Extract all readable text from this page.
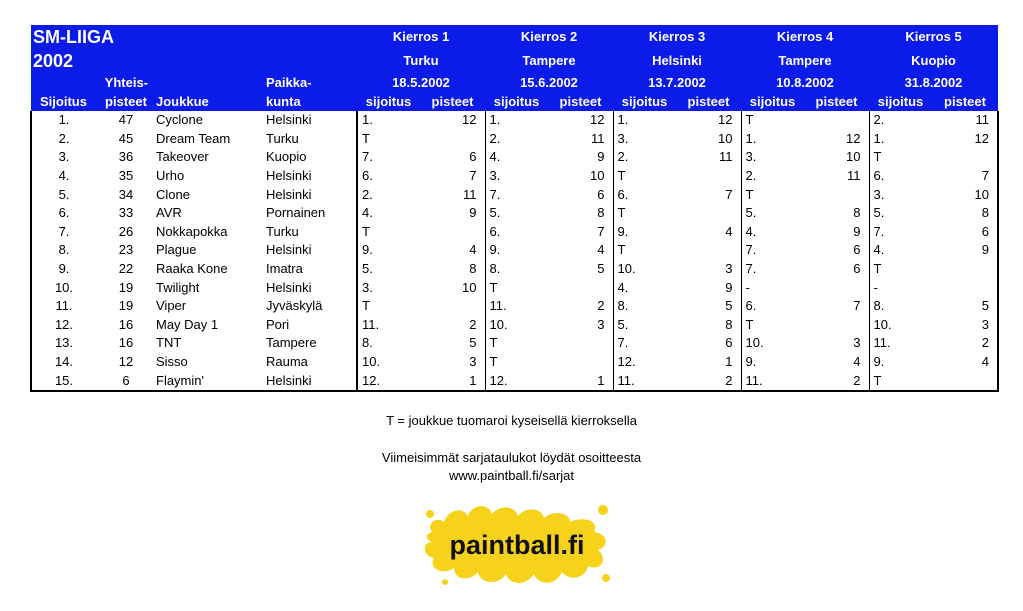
SM-LIIGA				Kierros 1		Kierros 2		Kierros 3		Kierros 4		Kierros 5	
2002				Turku		Tampere		Helsinki		Tampere		Kuopio	
	Yhteis-		Paikka-	18.5.2002		15.6.2002		13.7.2002		10.8.2002		31.8.2002	
Sijoitus	pisteet	Joukkue	kunta	sijoitus	pisteet	sijoitus	pisteet	sijoitus	pisteet	sijoitus	pisteet	sijoitus	pisteet
1.	47	Cyclone	Helsinki	1.	12	1.	12	1.	12	T		2.	11
2.	45	Dream Team	Turku	T		2.	11	3.	10	1.	12	1.	12
3.	36	Takeover	Kuopio	7.	6	4.	9	2.	11	3.	10	T	
4.	35	Urho	Helsinki	6.	7	3.	10	T		2.	11	6.	7
5.	34	Clone	Helsinki	2.	11	7.	6	6.	7	T		3.	10
6.	33	AVR	Pornainen	4.	9	5.	8	T		5.	8	5.	8
7.	26	Nokkapokka	Turku	T		6.	7	9.	4	4.	9	7.	6
8.	23	Plague	Helsinki	9.	4	9.	4	T		7.	6	4.	9
9.	22	Raaka Kone	Imatra	5.	8	8.	5	10.	3	7.	6	T	
10.	19	Twilight	Helsinki	3.	10	T		4.	9	-		-	
11.	19	Viper	Jyväskylä	T		11.	2	8.	5	6.	7	8.	5
12.	16	May Day 1	Pori	11.	2	10.	3	5.	8	T		10.	3
13.	16	TNT	Tampere	8.	5	T		7.	6	10.	3	11.	2
14.	12	Sisso	Rauma	10.	3	T		12.	1	9.	4	9.	4
15.	6	Flaymin'	Helsinki	12.	1	12.	1	11.	2	11.	2	T	
T = joukkue tuomaroi kyseisellä kierroksella
Viimeisimmät sarjataulukot löydät osoitteesta
www.paintball.fi/sarjat
paintball.fi
